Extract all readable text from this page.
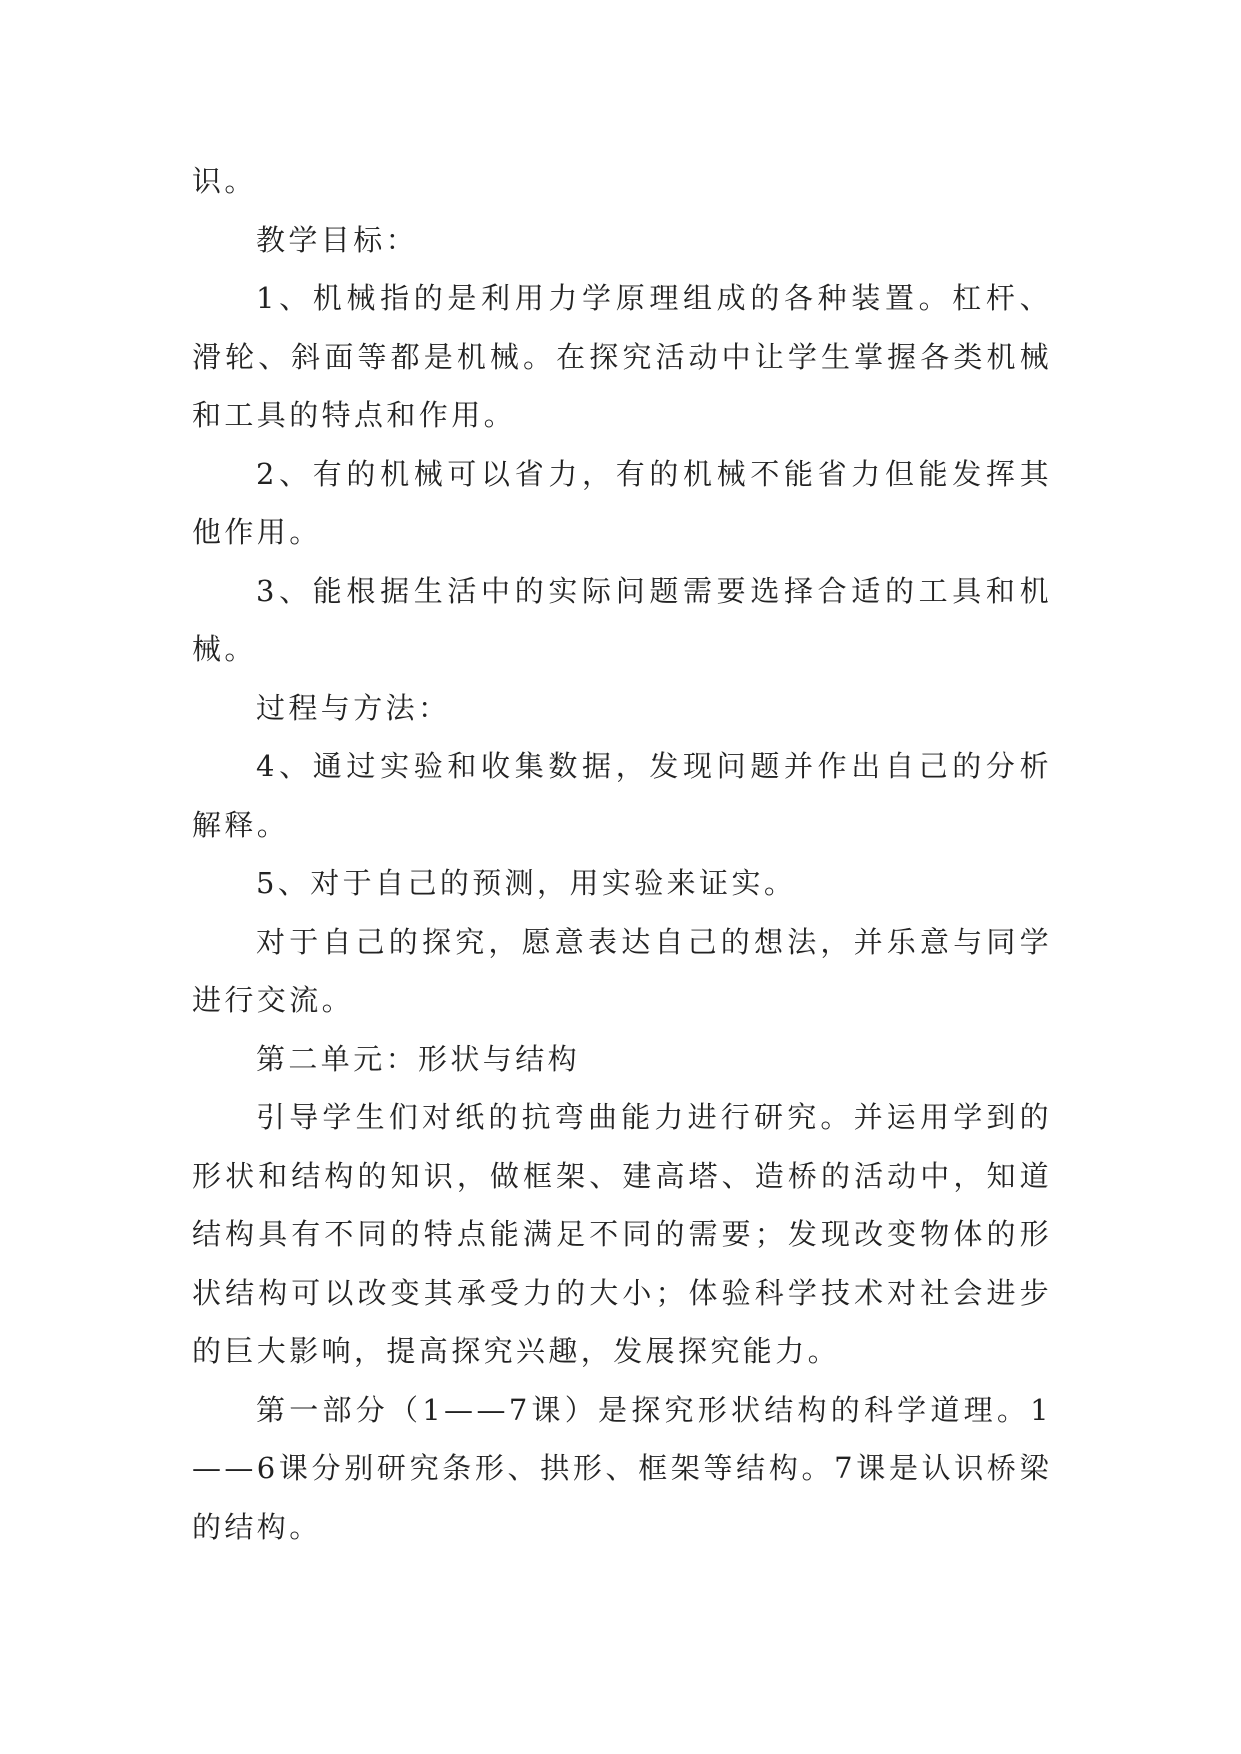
识。

教学目标：

1、机械指的是利用力学原理组成的各种装置。杠杆、滑轮、斜面等都是机械。在探究活动中让学生掌握各类机械和工具的特点和作用。

2、有的机械可以省力，有的机械不能省力但能发挥其他作用。

3、能根据生活中的实际问题需要选择合适的工具和机械。

过程与方法：

4、通过实验和收集数据，发现问题并作出自己的分析解释。

5、对于自己的预测，用实验来证实。

对于自己的探究，愿意表达自己的想法，并乐意与同学进行交流。

第二单元：形状与结构

引导学生们对纸的抗弯曲能力进行研究。并运用学到的形状和结构的知识，做框架、建高塔、造桥的活动中，知道结构具有不同的特点能满足不同的需要；发现改变物体的形状结构可以改变其承受力的大小；体验科学技术对社会进步的巨大影响，提高探究兴趣，发展探究能力。

第一部分（1——7课）是探究形状结构的科学道理。1——6课分别研究条形、拱形、框架等结构。7课是认识桥梁的结构。
